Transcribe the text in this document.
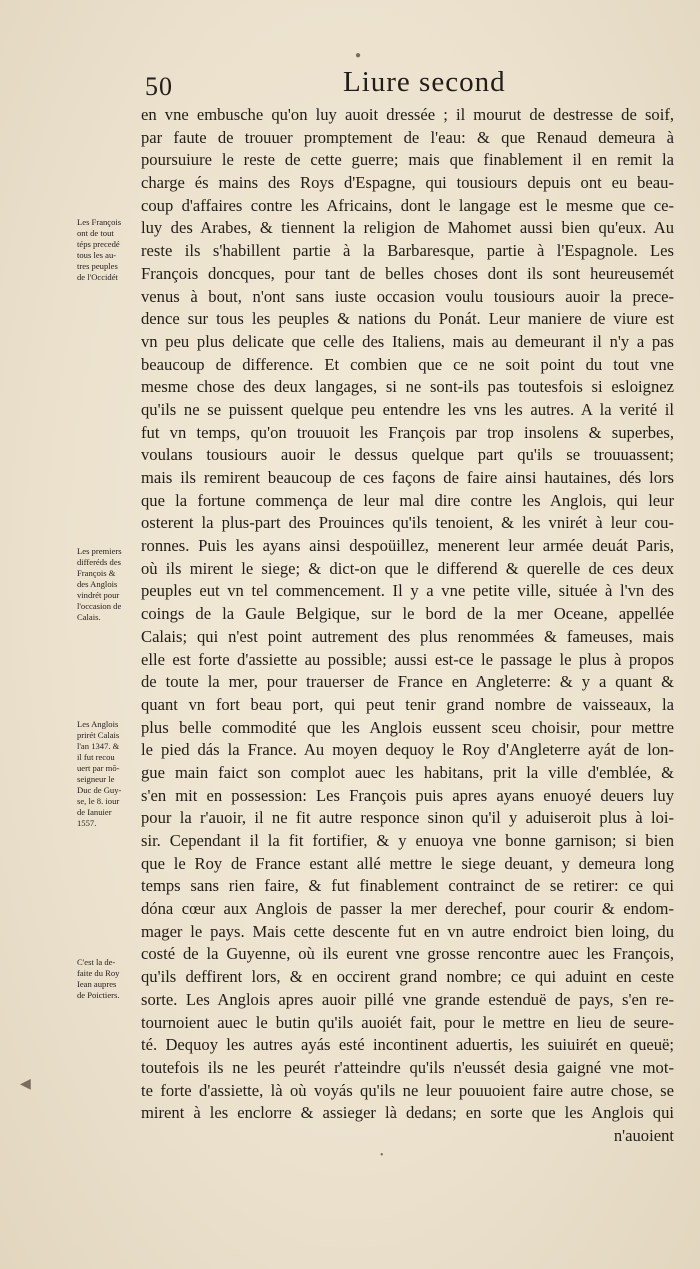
●
50	Liure second
en vne embusche qu'on luy auoit dressée ; il mourut de destresse de soif,
par faute de trouuer promptement de l'eau: & que Renaud demeura à
poursuiure le reste de cette guerre; mais que finablement il en remit la
charge és mains des Roys d'Espagne, qui tousiours depuis ont eu beau-
coup d'affaires contre les Africains, dont le langage est le mesme que ce-
luy des Arabes, & tiennent la religion de Mahomet aussi bien qu'eux. Au
reste ils s'habillent partie à la Barbaresque, partie à l'Espagnole. Les
François doncques, pour tant de belles choses dont ils sont heureusemét
venus à bout, n'ont sans iuste occasion voulu tousiours auoir la prece-
dence sur tous les peuples & nations du Ponát. Leur maniere de viure est
vn peu plus delicate que celle des Italiens, mais au demeurant il n'y a pas
beaucoup de difference. Et combien que ce ne soit point du tout vne
mesme chose des deux langages, si ne sont-ils pas toutesfois si esloignez
qu'ils ne se puissent quelque peu entendre les vns les autres. A la verité il
fut vn temps, qu'on trouuoit les François par trop insolens & superbes,
voulans tousiours auoir le dessus quelque part qu'ils se trouuassent;
mais ils remirent beaucoup de ces façons de faire ainsi hautaines, dés lors
que la fortune commença de leur mal dire contre les Anglois, qui leur
osterent la plus-part des Prouinces qu'ils tenoient, & les vnirét à leur cou-
ronnes. Puis les ayans ainsi despoüillez, menerent leur armée deuát Paris,
où ils mirent le siege; & dict-on que le differend & querelle de ces deux
peuples eut vn tel commencement. Il y a vne petite ville, située à l'vn des
coings de la Gaule Belgique, sur le bord de la mer Oceane, appellée
Calais; qui n'est point autrement des plus renommées & fameuses, mais
elle est forte d'assiette au possible; aussi est-ce le passage le plus à propos
de toute la mer, pour trauerser de France en Angleterre: & y a quant &
quant vn fort beau port, qui peut tenir grand nombre de vaisseaux, la
plus belle commodité que les Anglois eussent sceu choisir, pour mettre
le pied dás la France. Au moyen dequoy le Roy d'Angleterre ayát de lon-
gue main faict son complot auec les habitans, prit la ville d'emblée, &
s'en mit en possession: Les François puis apres ayans enuoyé deuers luy
pour la r'auoir, il ne fit autre responce sinon qu'il y aduiseroit plus à loi-
sir. Cependant il la fit fortifier, & y enuoya vne bonne garnison; si bien
que le Roy de France estant allé mettre le siege deuant, y demeura long
temps sans rien faire, & fut finablement contrainct de se retirer: ce qui
dóna cœur aux Anglois de passer la mer derechef, pour courir & endom-
mager le pays. Mais cette descente fut en vn autre endroict bien loing, du
costé de la Guyenne, où ils eurent vne grosse rencontre auec les François,
qu'ils deffirent lors, & en occirent grand nombre; ce qui aduint en ceste
sorte. Les Anglois apres auoir pillé vne grande estenduë de pays, s'en re-
tournoient auec le butin qu'ils auoiét fait, pour le mettre en lieu de seure-
té. Dequoy les autres ayás esté incontinent aduertis, les suiuirét en queuë;
toutefois ils ne les peurét r'atteindre qu'ils n'eussét desia gaigné vne mot-
te forte d'assiette, là où voyás qu'ils ne leur pouuoient faire autre chose, se
mirent à les enclorre & assieger là dedans; en sorte que les Anglois qui
n'auoient
Les François
ont de tout
téps precedé
tous les au-
tres peuples
de l'Occidét
Les premiers
differéds des
François &
des Anglois
vindrét pour
l'occasion de
Calais.
Les Anglois
prirét Calais
l'an 1347. &
il fut recou
uert par mō-
seigneur le
Duc de Guy-
se, le 8. iour
de Ianuier
1557.
C'est la de-
faite du Roy
Iean aupres
de Poictiers.
◀
•
